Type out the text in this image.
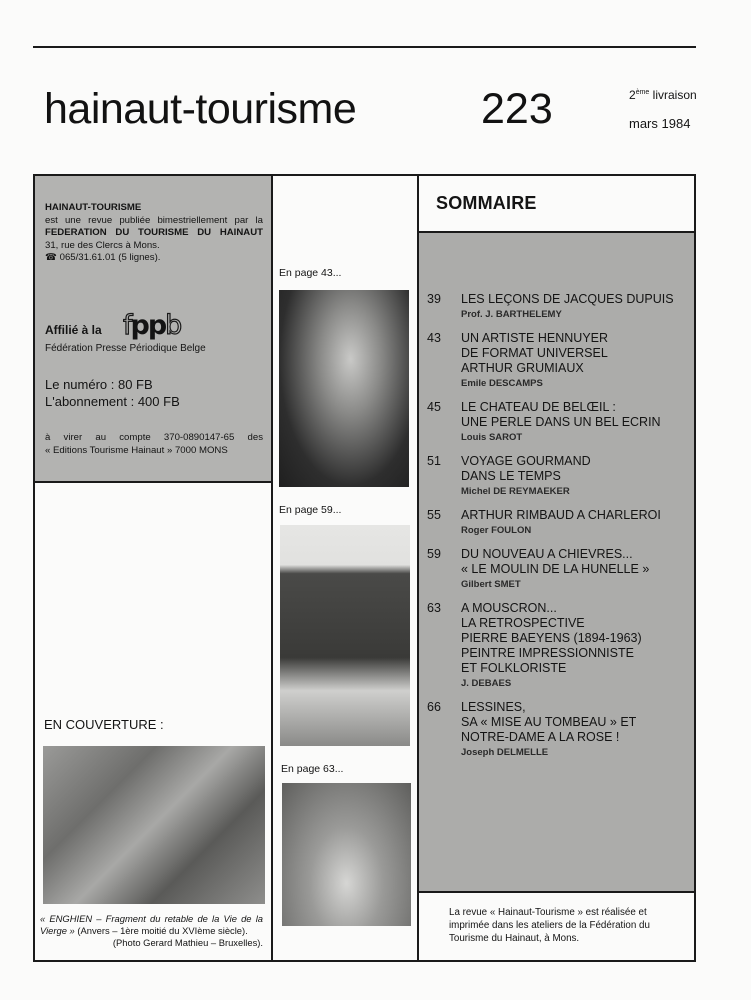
hainaut-tourisme	223	2ème livraison
mars 1984
HAINAUT-TOURISME
est une revue publiée bimestriellement par la
FEDERATION DU TOURISME DU HAINAUT
31, rue des Clercs à Mons.
☎ 065/31.61.01 (5 lignes).
Affilié à la fppb
Fédération Presse Périodique Belge
Le numéro : 80 FB
L'abonnement : 400 FB
à virer au compte 370-0890147-65 des
« Editions Tourisme Hainaut » 7000 MONS
EN COUVERTURE :
« ENGHIEN – Fragment du retable de la Vie de la Vierge » (Anvers – 1ère moitié du XVIème siècle).
(Photo Gerard Mathieu – Bruxelles).
En page 43...
En page 59...
En page 63...
SOMMAIRE
39 LES LEÇONS DE JACQUES DUPUIS
Prof. J. BARTHELEMY
43 UN ARTISTE HENNUYER
DE FORMAT UNIVERSEL
ARTHUR GRUMIAUX
Emile DESCAMPS
45 LE CHATEAU DE BELŒIL :
UNE PERLE DANS UN BEL ECRIN
Louis SAROT
51 VOYAGE GOURMAND
DANS LE TEMPS
Michel DE REYMAEKER
55 ARTHUR RIMBAUD A CHARLEROI
Roger FOULON
59 DU NOUVEAU A CHIEVRES...
« LE MOULIN DE LA HUNELLE »
Gilbert SMET
63 A MOUSCRON...
LA RETROSPECTIVE
PIERRE BAEYENS (1894-1963)
PEINTRE IMPRESSIONNISTE
ET FOLKLORISTE
J. DEBAES
66 LESSINES,
SA « MISE AU TOMBEAU » ET
NOTRE-DAME A LA ROSE !
Joseph DELMELLE
La revue « Hainaut-Tourisme » est réalisée et imprimée dans les ateliers de la Fédération du Tourisme du Hainaut, à Mons.
